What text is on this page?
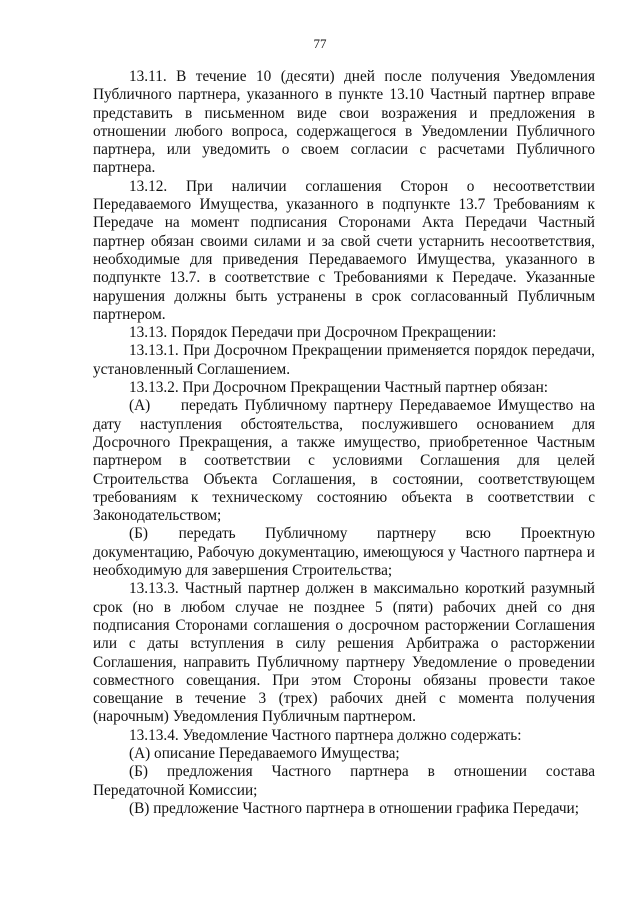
77

13.11. В течение 10 (десяти) дней после получения Уведомления Публичного партнера, указанного в пункте 13.10 Частный партнер вправе представить в письменном виде свои возражения и предложения в отношении любого вопроса, содержащегося в Уведомлении Публичного партнера, или уведомить о своем согласии с расчетами Публичного партнера.

13.12. При наличии соглашения Сторон о несоответствии Передаваемого Имущества, указанного в подпункте 13.7 Требованиям к Передаче на момент подписания Сторонами Акта Передачи Частный партнер обязан своими силами и за свой счети устарнить несоответствия, необходимые для приведения Передаваемого Имущества, указанного в подпункте 13.7. в соответствие с Требованиями к Передаче. Указанные нарушения должны быть устранены в срок согласованный Публичным партнером.

13.13. Порядок Передачи при Досрочном Прекращении:

13.13.1. При Досрочном Прекращении применяется порядок передачи, установленный Соглашением.

13.13.2. При Досрочном Прекращении Частный партнер обязан:

(А)  передать Публичному партнеру Передаваемое Имущество на дату наступления обстоятельства, послужившего основанием для Досрочного Прекращения, а также имущество, приобретенное Частным партнером в соответствии с условиями Соглашения для целей Строительства Объекта Соглашения, в состоянии, соответствующем требованиям к техническому состоянию объекта в соответствии с Законодательством;

(Б)  передать Публичному партнеру всю Проектную документацию, Рабочую документацию, имеющуюся у Частного партнера и необходимую для завершения Строительства;

13.13.3. Частный партнер должен в максимально короткий разумный срок (но в любом случае не позднее 5 (пяти) рабочих дней со дня подписания Сторонами соглашения о досрочном расторжении Соглашения или с даты вступления в силу решения Арбитража о расторжении Соглашения, направить Публичному партнеру Уведомление о проведении совместного совещания. При этом Стороны обязаны провести такое совещание в течение 3 (трех) рабочих дней с момента получения (нарочным) Уведомления Публичным партнером.

13.13.4. Уведомление Частного партнера должно содержать:

(А) описание Передаваемого Имущества;

(Б) предложения Частного партнера в отношении состава Передаточной Комиссии;

(В) предложение Частного партнера в отношении графика Передачи;
